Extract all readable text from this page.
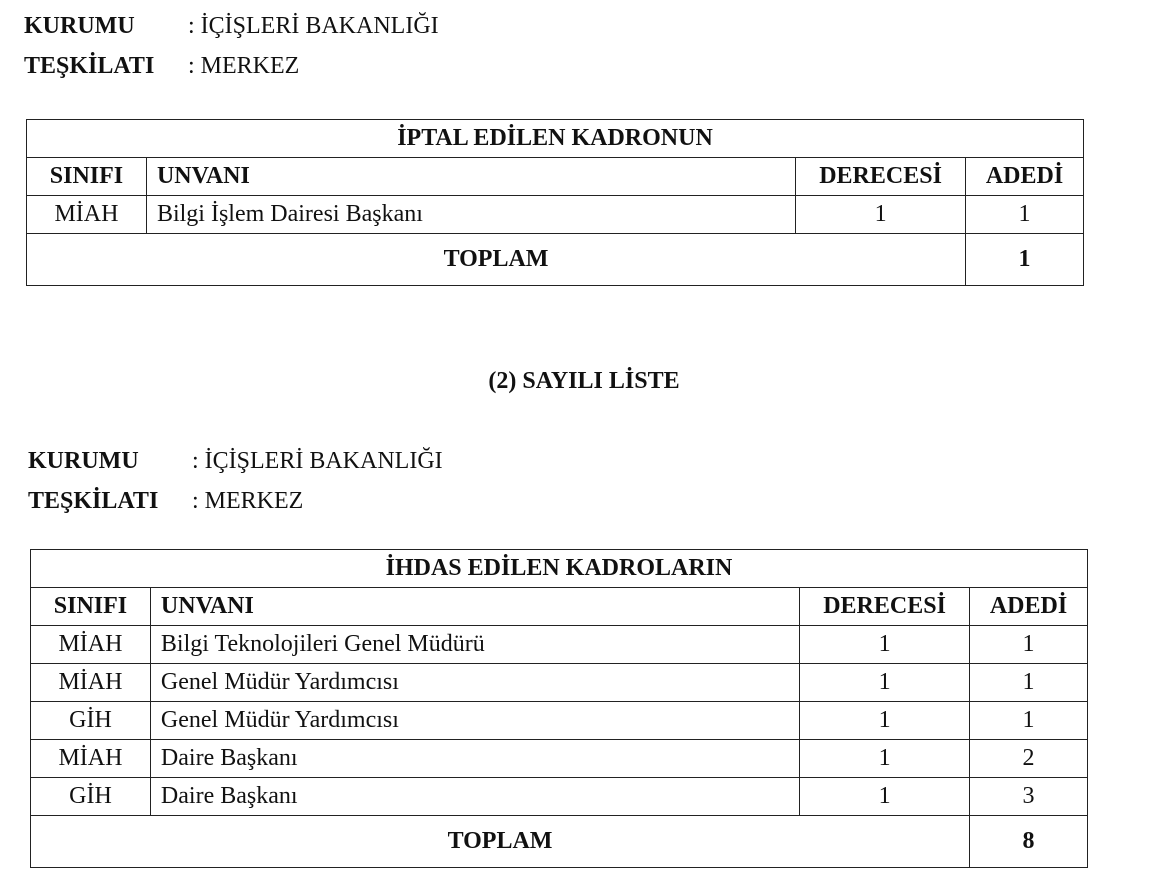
KURUMU	: İÇİŞLERİ BAKANLIĞI
TEŞKİLATI	: MERKEZ
İPTAL EDİLEN KADRONUN			
SINIFI	UNVANI	DERECESİ	ADEDİ
MİAH	Bilgi İşlem Dairesi Başkanı	1	1
TOPLAM			1
(2) SAYILI LİSTE
KURUMU	: İÇİŞLERİ BAKANLIĞI
TEŞKİLATI	: MERKEZ
İHDAS EDİLEN KADROLARIN			
SINIFI	UNVANI	DERECESİ	ADEDİ
MİAH	Bilgi Teknolojileri Genel Müdürü	1	1
MİAH	Genel Müdür Yardımcısı	1	1
GİH	Genel Müdür Yardımcısı	1	1
MİAH	Daire Başkanı	1	2
GİH	Daire Başkanı	1	3
TOPLAM			8
